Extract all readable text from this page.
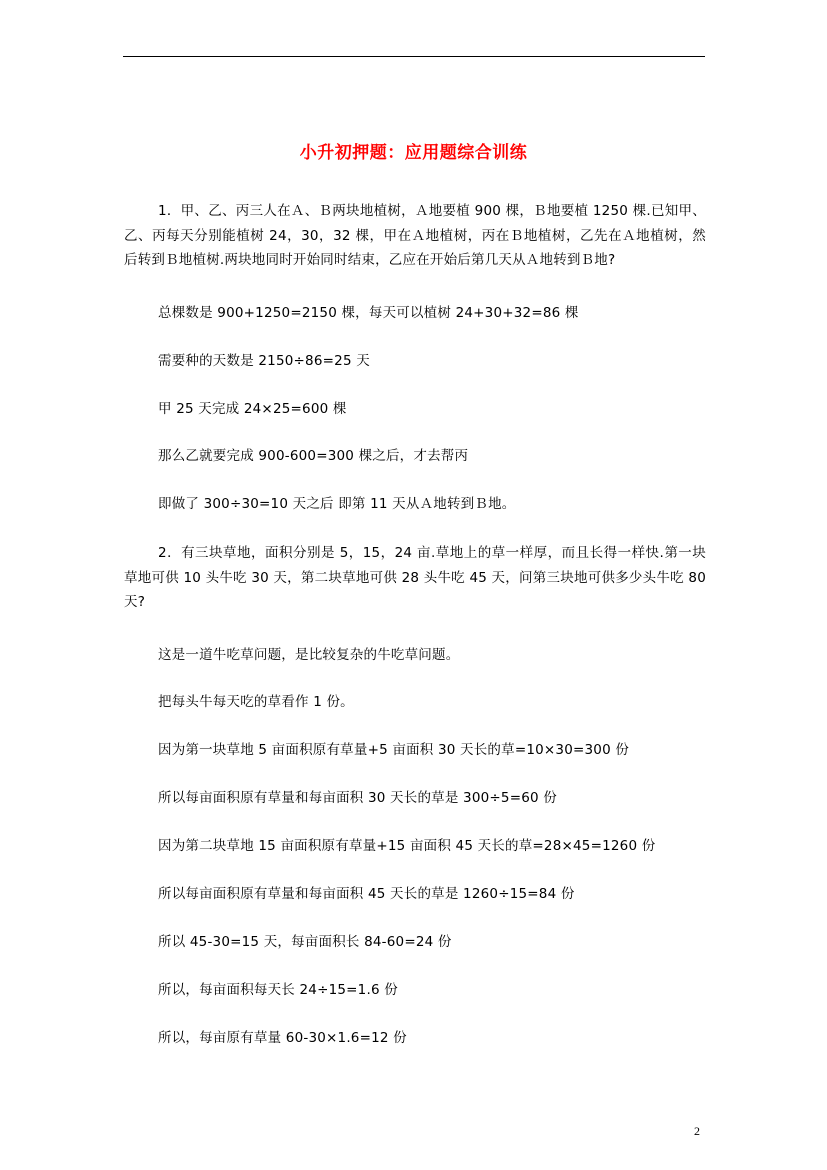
小升初押题：应用题综合训练
1．甲、乙、丙三人在Ａ、Ｂ两块地植树，Ａ地要植 900 棵，Ｂ地要植 1250 棵.已知甲、乙、丙每天分别能植树 24，30，32 棵，甲在Ａ地植树，丙在Ｂ地植树，乙先在Ａ地植树，然后转到Ｂ地植树.两块地同时开始同时结束，乙应在开始后第几天从Ａ地转到Ｂ地?
总棵数是 900+1250=2150 棵，每天可以植树 24+30+32=86 棵
需要种的天数是 2150÷86=25 天
甲 25 天完成 24×25=600 棵
那么乙就要完成 900-600=300 棵之后，才去帮丙
即做了 300÷30=10 天之后 即第 11 天从Ａ地转到Ｂ地。
2．有三块草地，面积分别是 5，15，24 亩.草地上的草一样厚，而且长得一样快.第一块草地可供 10 头牛吃 30 天，第二块草地可供 28 头牛吃 45 天，问第三块地可供多少头牛吃 80 天?
这是一道牛吃草问题，是比较复杂的牛吃草问题。
把每头牛每天吃的草看作 1 份。
因为第一块草地 5 亩面积原有草量+5 亩面积 30 天长的草=10×30=300 份
所以每亩面积原有草量和每亩面积 30 天长的草是 300÷5=60 份
因为第二块草地 15 亩面积原有草量+15 亩面积 45 天长的草=28×45=1260 份
所以每亩面积原有草量和每亩面积 45 天长的草是 1260÷15=84 份
所以 45-30=15 天，每亩面积长 84-60=24 份
所以，每亩面积每天长 24÷15=1.6 份
所以，每亩原有草量 60-30×1.6=12 份
2
